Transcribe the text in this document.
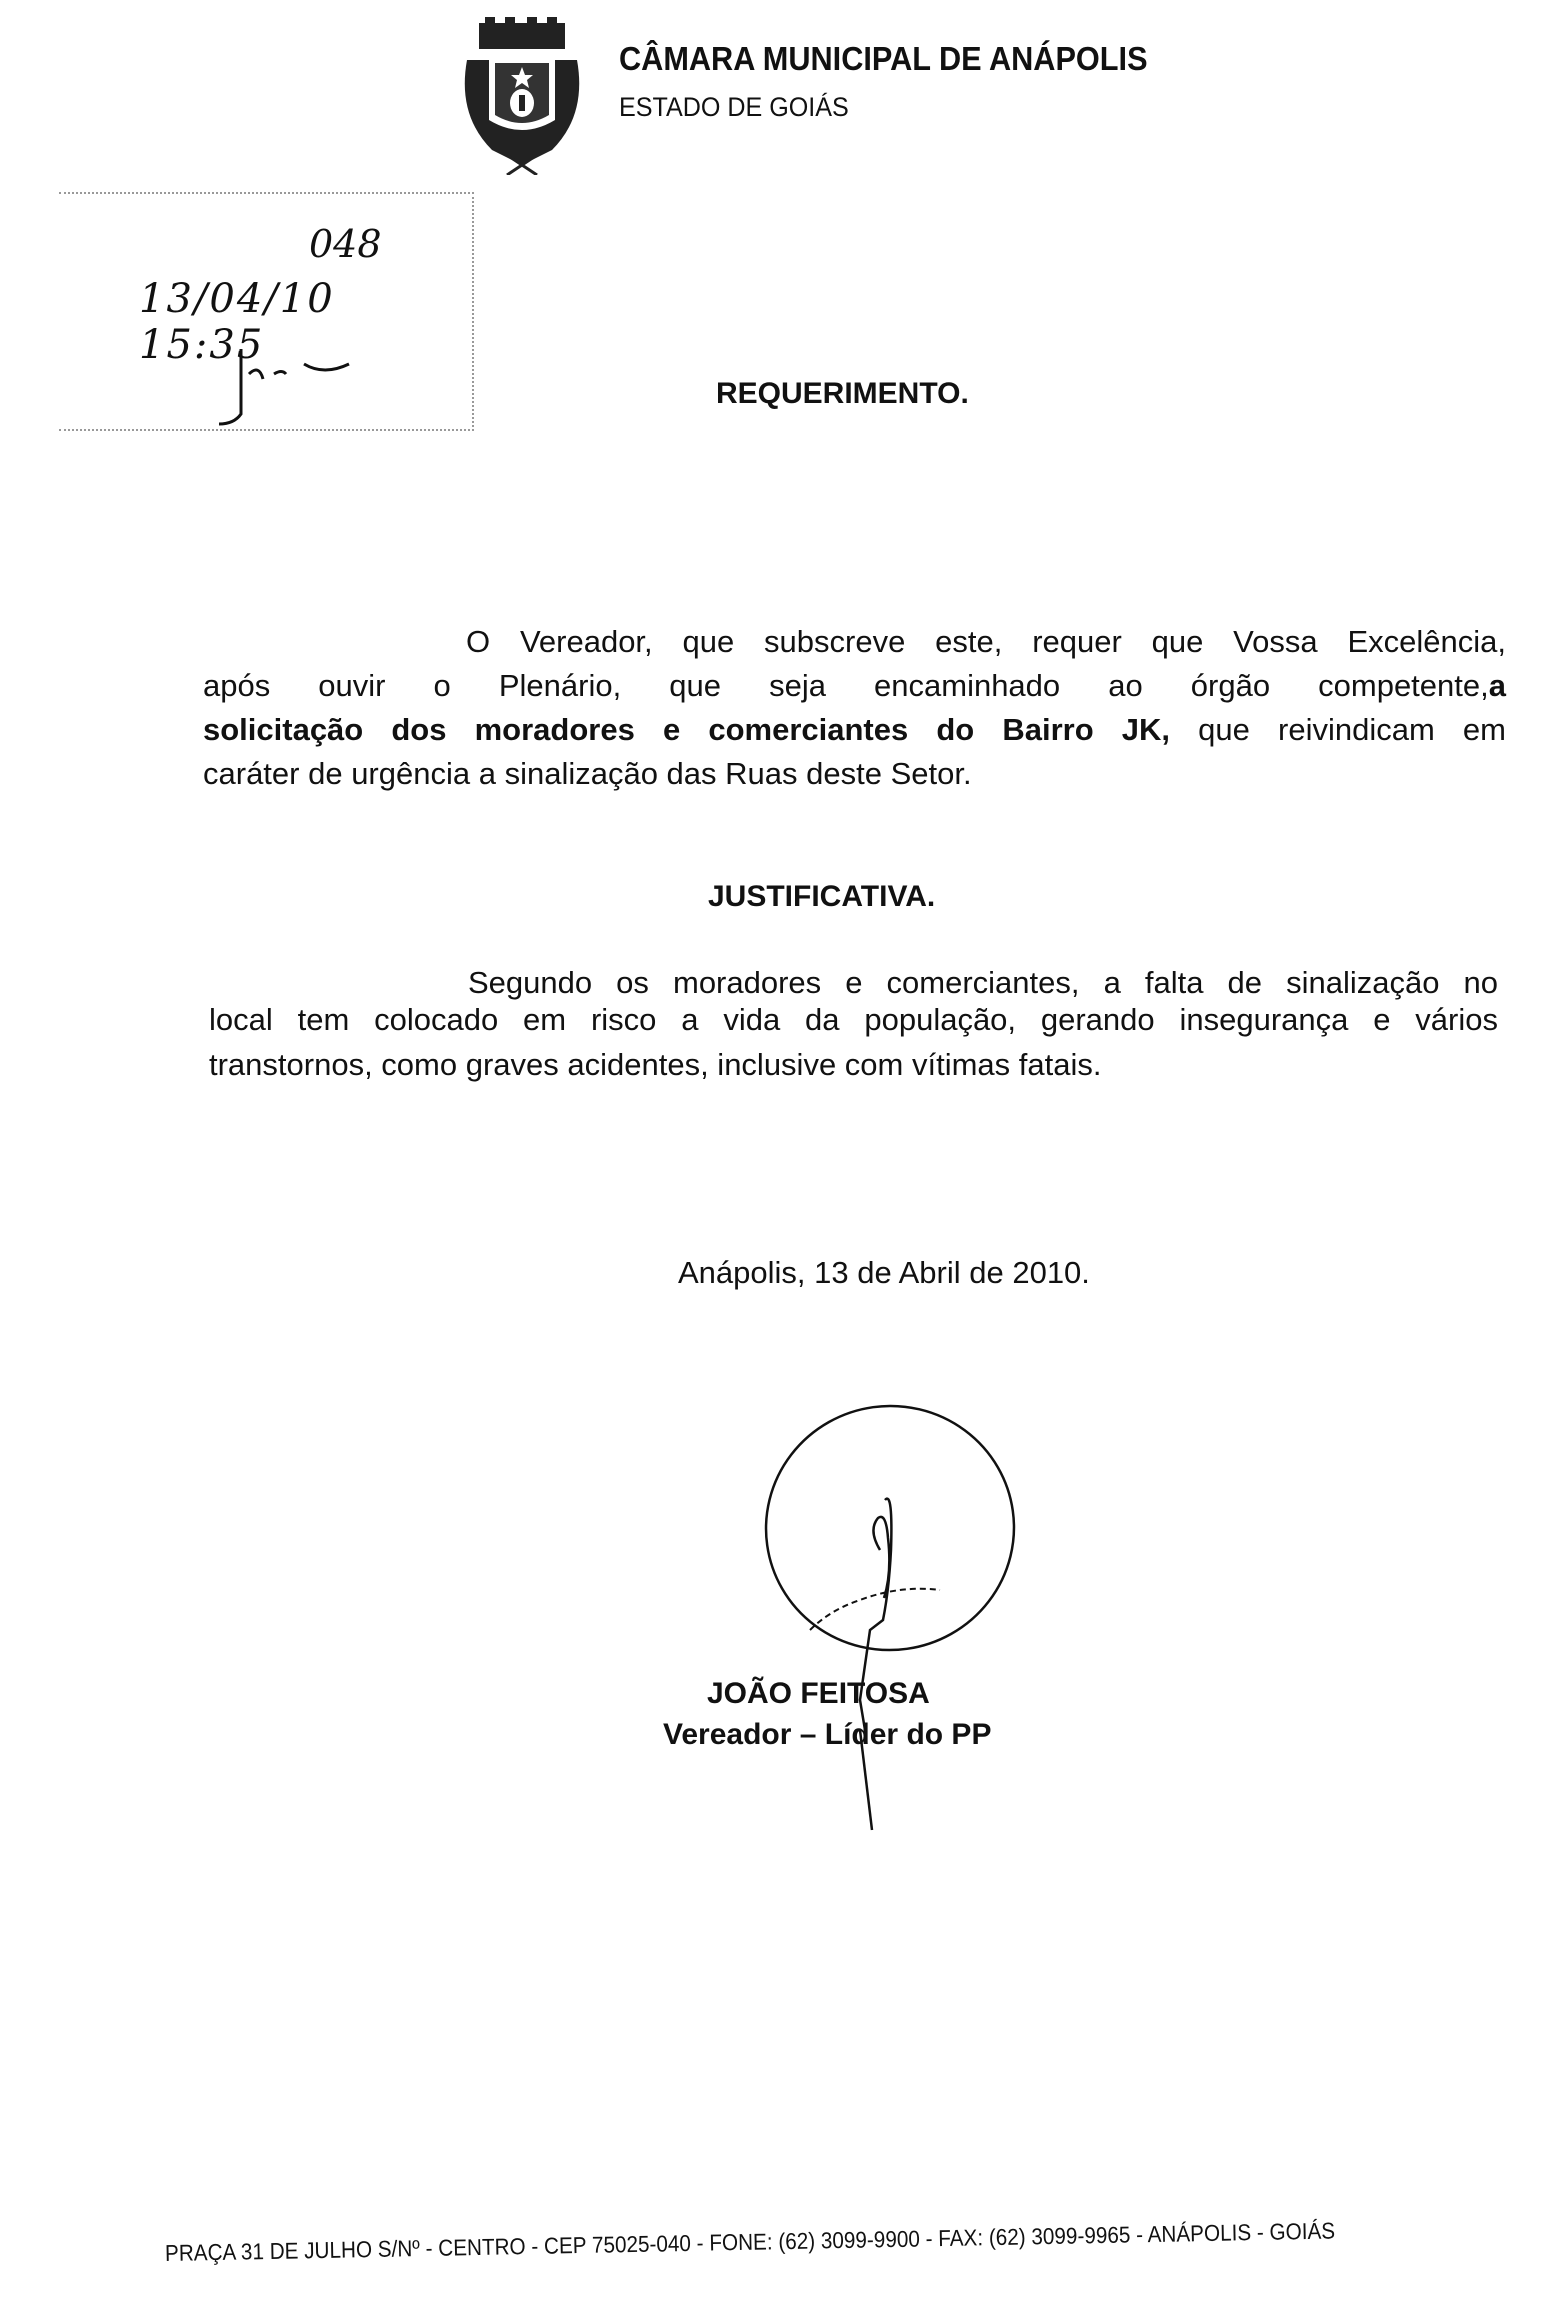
CÂMARA MUNICIPAL DE ANÁPOLIS
ESTADO DE GOIÁS
048
13/04/10 15:35
REQUERIMENTO.
O Vereador, que subscreve este, requer que Vossa Excelência,
após ouvir o Plenário, que seja encaminhado ao órgão competente,a
solicitação dos moradores e comerciantes do Bairro JK, que reivindicam em
caráter de urgência a sinalização das Ruas deste Setor.
JUSTIFICATIVA.
Segundo os moradores e comerciantes, a falta de sinalização no
local tem colocado em risco a vida da população, gerando insegurança e vários
transtornos, como graves acidentes, inclusive com vítimas fatais.
Anápolis, 13 de Abril de 2010.
JOÃO FEITOSA
Vereador – Líder do PP
PRAÇA 31 DE JULHO S/Nº - CENTRO - CEP 75025-040 - FONE: (62) 3099-9900 - FAX: (62) 3099-9965 - ANÁPOLIS - GOIÁS
